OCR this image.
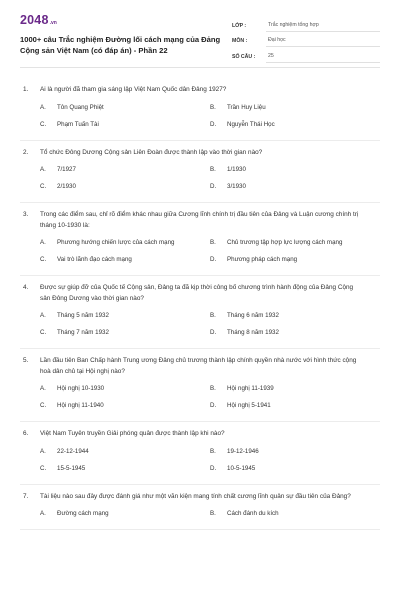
2048 .vn
1000+ câu Trắc nghiệm Đường lối cách mạng của Đảng Cộng sản Việt Nam (có đáp án) - Phần 22
LỚP :	Trắc nghiệm tổng hợp
MÔN :	Đại học
SỐ CÂU :	25
1.	Ai là người đã tham gia sáng lập Việt Nam Quốc dân Đảng 1927?
A.	Tôn Quang Phiệt	B.	Trần Huy Liệu
C.	Phạm Tuấn Tài	D.	Nguyễn Thái Học
2.	Tổ chức Đông Dương Cộng sản Liên Đoàn được thành lập vào thời gian nào?
A.	7/1927	B.	1/1930
C.	2/1930	D.	3/1930
3.	Trong các điểm sau, chỉ rõ điểm khác nhau giữa Cương lĩnh chính trị đầu tiên của Đảng và Luận cương chính trị tháng 10-1930 là:
A.	Phương hướng chiến lược của cách mạng	B.	Chủ trương tập hợp lực lượng cách mạng
C.	Vai trò lãnh đạo cách mạng	D.	Phương pháp cách mạng
4.	Được sự giúp đỡ của Quốc tế Cộng sản, Đảng ta đã kịp thời công bố chương trình hành động của Đảng Cộng sản Đông Dương vào thời gian nào?
A.	Tháng 5 năm 1932	B.	Tháng 6 năm 1932
C.	Tháng 7 năm 1932	D.	Tháng 8 năm 1932
5.	Lần đầu tiên Ban Chấp hành Trung ương Đảng chủ trương thành lập chính quyền nhà nước với hình thức cộng hoà dân chủ tại Hội nghị nào?
A.	Hội nghị 10-1930	B.	Hội nghị 11-1939
C.	Hội nghị 11-1940	D.	Hội nghị 5-1941
6.	Việt Nam Tuyên truyền Giải phóng quân được thành lập khi nào?
A.	22-12-1944	B.	19-12-1946
C.	15-5-1945	D.	10-5-1945
7.	Tài liệu nào sau đây được đánh giá như một văn kiện mang tính chất cương lĩnh quân sự đầu tiên của Đảng?
A.	Đường cách mạng	B.	Cách đánh du kích
